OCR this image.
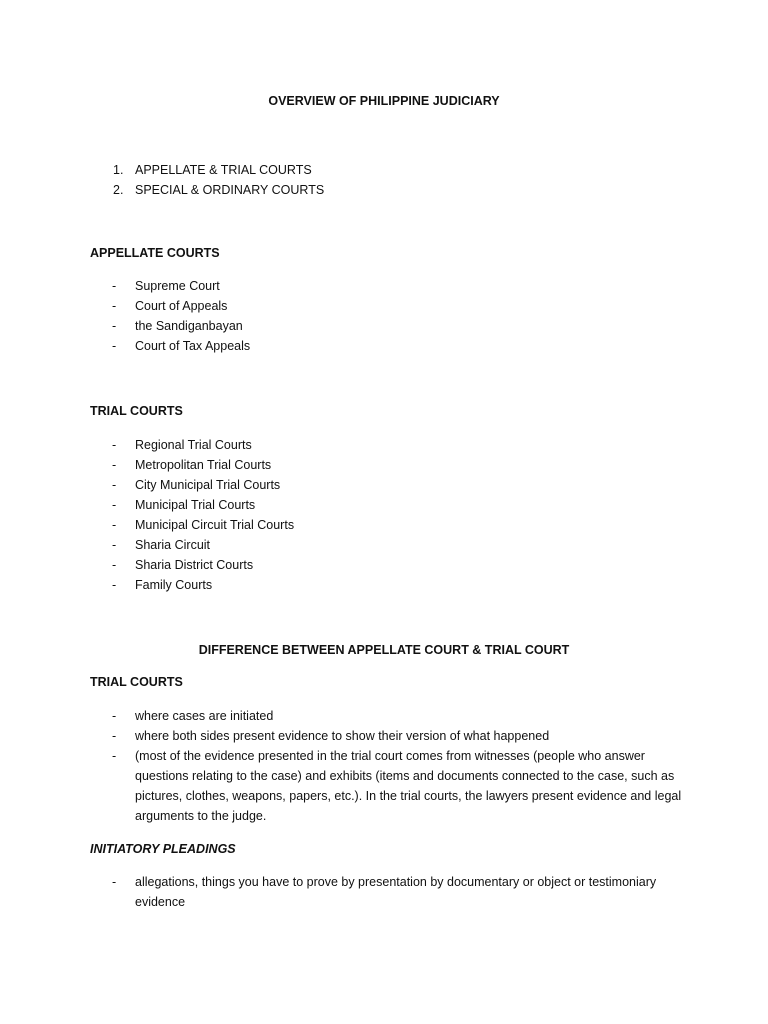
OVERVIEW OF PHILIPPINE JUDICIARY
1. APPELLATE & TRIAL COURTS
2. SPECIAL & ORDINARY COURTS
APPELLATE COURTS
- Supreme Court
- Court of Appeals
- the Sandiganbayan
- Court of Tax Appeals
TRIAL COURTS
- Regional Trial Courts
- Metropolitan Trial Courts
- City Municipal Trial Courts
- Municipal Trial Courts
- Municipal Circuit Trial Courts
- Sharia Circuit
- Sharia District Courts
- Family Courts
DIFFERENCE BETWEEN APPELLATE COURT & TRIAL COURT
TRIAL COURTS
- where cases are initiated
- where both sides present evidence to show their version of what happened
- (most of the evidence presented in the trial court comes from witnesses (people who answer questions relating to the case) and exhibits (items and documents connected to the case, such as pictures, clothes, weapons, papers, etc.). In the trial courts, the lawyers present evidence and legal arguments to the judge.
INITIATORY PLEADINGS
- allegations, things you have to prove by presentation by documentary or object or testimoniary evidence
